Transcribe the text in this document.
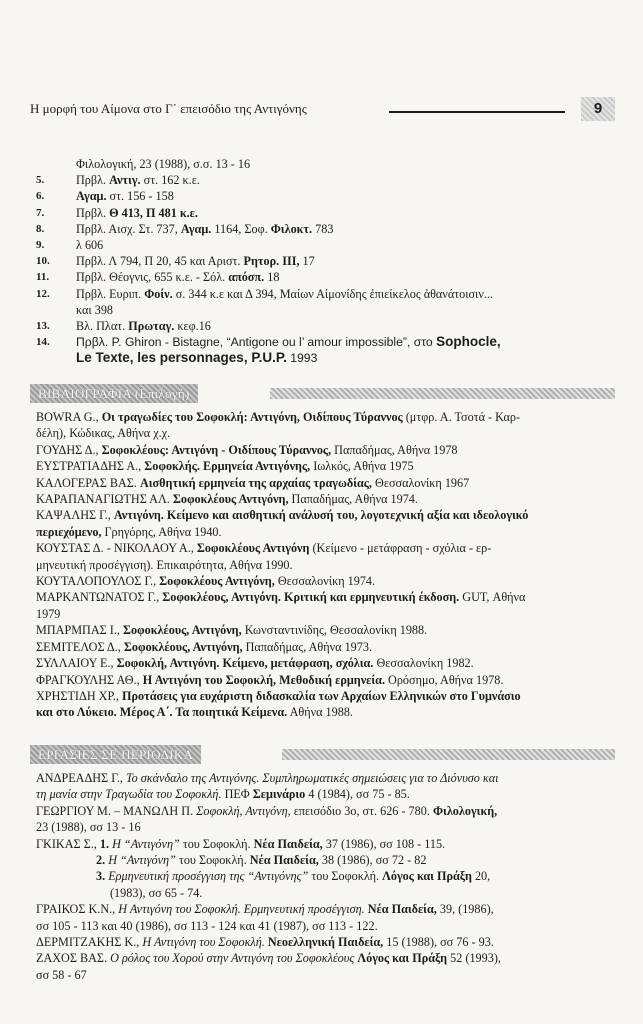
Η μορφή του Αίμονα στο Γ΄ επεισόδιο της Αντιγόνης	9
Φιλολογική, 23 (1988), σ.σ. 13 - 16
5.	Πρβλ. Αντιγ. στ. 162 κ.ε.
6.	Αγαμ. στ. 156 - 158
7.	Πρβλ. Θ 413, Π 481 κ.ε.
8.	Πρβλ. Αισχ. Στ. 737, Αγαμ. 1164, Σοφ. Φιλοκτ. 783
9.	λ 606
10.	Πρβλ. Λ 794, Π 20, 45 και Αριστ. Ρητορ. ΙΙΙ, 17
11.	Πρβλ. Θέογνις, 655 κ.ε. - Σόλ. απόσπ. 18
12.	Πρβλ. Ευριπ. Φοίν. σ. 344 κ.ε και Δ 394, Μαίων Αἱμονίδης ἐπιείκελος ἀθανάτοισιν...
και 398
13.	Βλ. Πλατ. Πρωταγ. κεφ.16
14.	Πρβλ. P. Ghiron - Bistagne, “Antigone ou l’ amour impossible”, στο Sophocle,
Le Texte, les personnages, P.U.P. 1993
ΒΙΒΛΙΟΓΡΑΦΙΑ (Επιλογή)
BOWRA G., Οι τραγωδίες του Σοφοκλή: Αντιγόνη, Οιδίπους Τύραννος (μτφρ. Α. Τσοτά - Καρ-
δέλη), Κώδικας, Αθήνα χ.χ.
ΓΟΥΔΗΣ Δ., Σοφοκλέους: Αντιγόνη - Οιδίπους Τύραννος, Παπαδήμας, Αθήνα 1978
ΕΥΣΤΡΑΤΙΑΔΗΣ Α., Σοφοκλής. Ερμηνεία Αντιγόνης, Ιωλκός, Αθήνα 1975
ΚΑΛΟΓΕΡΑΣ ΒΑΣ. Αισθητική ερμηνεία της αρχαίας τραγωδίας, Θεσσαλονίκη 1967
ΚΑΡΑΠΑΝΑΓΙΩΤΗΣ ΑΛ. Σοφοκλέους Αντιγόνη, Παπαδήμας, Αθήνα 1974.
ΚΑΨΑΛΗΣ Γ., Αντιγόνη. Κείμενο και αισθητική ανάλυσή του, λογοτεχνική αξία και ιδεολογικό
περιεχόμενο, Γρηγόρης, Αθήνα 1940.
ΚΟΥΣΤΑΣ Δ. - ΝΙΚΟΛΑΟΥ Α., Σοφοκλέους Αντιγόνη (Κείμενο - μετάφραση - σχόλια - ερ-
μηνευτική προσέγγιση). Επικαιρότητα, Αθήνα 1990.
ΚΟΥΤΑΛΟΠΟΥΛΟΣ Γ., Σοφοκλέους Αντιγόνη, Θεσσαλονίκη 1974.
ΜΑΡΚΑΝΤΩΝΑΤΟΣ Γ., Σοφοκλέους, Αντιγόνη. Κριτική και ερμηνευτική έκδοση. GUT, Αθήνα
1979
ΜΠΑΡΜΠΑΣ Ι., Σοφοκλέους, Αντιγόνη, Κωνσταντινίδης, Θεσσαλονίκη 1988.
ΣΕΜΙΤΕΛΟΣ Δ., Σοφοκλέους, Αντιγόνη, Παπαδήμας, Αθήνα 1973.
ΣΥΛΛΑΙΟΥ Ε., Σοφοκλή, Αντιγόνη. Κείμενο, μετάφραση, σχόλια. Θεσσαλονίκη 1982.
ΦΡΑΓΚΟΥΛΗΣ ΑΘ., Η Αντιγόνη του Σοφοκλή, Μεθοδική ερμηνεία. Ορόσημο, Αθήνα 1978.
ΧΡΗΣΤΙΔΗ ΧΡ., Προτάσεις για ευχάριστη διδασκαλία των Αρχαίων Ελληνικών στο Γυμνάσιο
και στο Λύκειο. Μέρος Α΄. Τα ποιητικά Κείμενα. Αθήνα 1988.
ΕΡΓΑΣΙΕΣ ΣΕ ΠΕΡΙΟΔΙΚΑ
ΑΝΔΡΕΑΔΗΣ Γ., Το σκάνδαλο της Αντιγόνης. Συμπληρωματικές σημειώσεις για το Διόνυσο και
τη μανία στην Τραγωδία του Σοφοκλή. ΠΕΦ Σεμινάριο 4 (1984), σσ 75 - 85.
ΓΕΩΡΓΙΟΥ Μ. – ΜΑΝΩΛΗ Π. Σοφοκλή, Αντιγόνη, επεισόδιο 3ο, στ. 626 - 780. Φιλολογική,
23 (1988), σσ 13 - 16
ΓΚΙΚΑΣ Σ., 1. Η “Αντιγόνη” του Σοφοκλή. Νέα Παιδεία, 37 (1986), σσ 108 - 115.
2. Η “Αντιγόνη” του Σοφοκλή. Νέα Παιδεία, 38 (1986), σσ 72 - 82
3. Ερμηνευτική προσέγγιση της “Αντιγόνης” του Σοφοκλή. Λόγος και Πράξη 20,
(1983), σσ 65 - 74.
ΓΡΑΙΚΟΣ Κ.Ν., Η Αντιγόνη του Σοφοκλή. Ερμηνευτική προσέγγιση. Νέα Παιδεία, 39, (1986),
σσ 105 - 113 και 40 (1986), σσ 113 - 124 και 41 (1987), σσ 113 - 122.
ΔΕΡΜΙΤΖΑΚΗΣ Κ., Η Αντιγόνη του Σοφοκλή. Νεοελληνική Παιδεία, 15 (1988), σσ 76 - 93.
ΖΑΧΟΣ ΒΑΣ. Ο ρόλος του Χορού στην Αντιγόνη του Σοφοκλέους Λόγος και Πράξη 52 (1993),
σσ 58 - 67
